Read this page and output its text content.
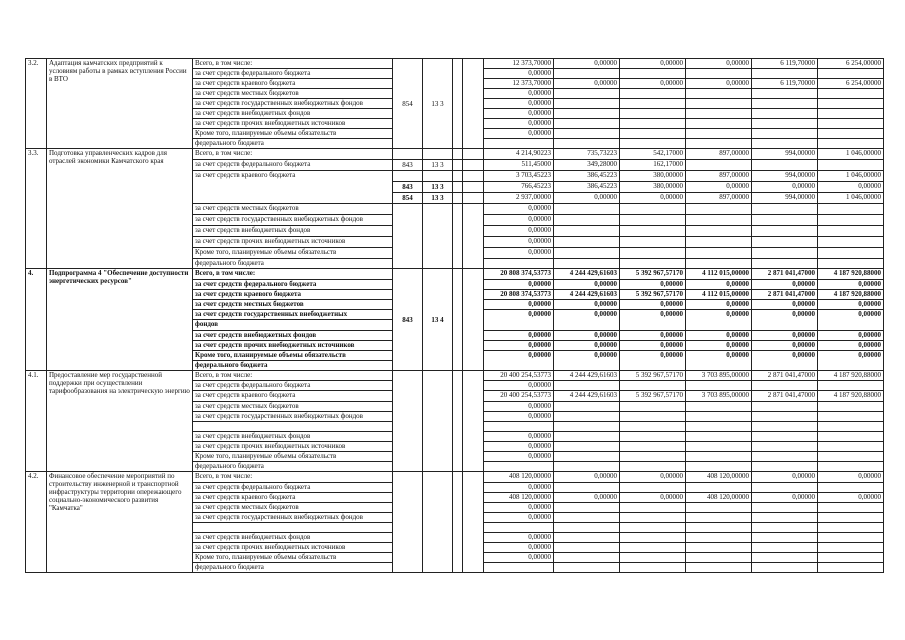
3.2.	Адаптация камчатских предприятий к условиям работы в рамках вступления России в ВТО	Всего, в том числе:	854	13 3			12 373,70000	0,00000	0,00000	0,00000	6 119,70000	6 254,00000
		за счет средств федерального бюджета					0,00000					
		за счет средств краевого бюджета					12 373,70000	0,00000	0,00000	0,00000	6 119,70000	6 254,00000
		за счет средств местных бюджетов					0,00000					
		за счет средств государственных внебюджетных фондов					0,00000					
		за счет средств внебюджетных фондов					0,00000					
		за счет средств прочих внебюджетных источников					0,00000					
		Кроме того, планируемые объемы обязательств					0,00000					
		федерального бюджета										
3.3.	Подготовка управленческих кадров для отраслей экономики Камчатского края	Всего, в том числе:					4 214,90223	735,73223	542,17000	897,00000	994,00000	1 046,00000
		за счет средств федерального бюджета	843	13 3			511,45000	349,28000	162,17000			
		за счет средств краевого бюджета					3 703,45223	386,45223	380,00000	897,00000	994,00000	1 046,00000
			843	13 3			766,45223	386,45223	380,00000	0,00000	0,00000	0,00000
			854	13 3			2 937,00000	0,00000	0,00000	897,00000	994,00000	1 046,00000
		за счет средств местных бюджетов					0,00000					
		за счет средств государственных внебюджетных фондов					0,00000					
		за счет средств внебюджетных фондов					0,00000					
		за счет средств прочих внебюджетных источников					0,00000					
		Кроме того, планируемые объемы обязательств					0,00000					
		федерального бюджета										
4.	Подпрограмма 4 "Обеспечение доступности энергетических ресурсов"	Всего, в том числе:	843	13 4			20 808 374,53773	4 244 429,61603	5 392 967,57170	4 112 015,00000	2 871 041,47000	4 187 920,88000
		за счет средств федерального бюджета					0,00000	0,00000	0,00000	0,00000	0,00000	0,00000
		за счет средств краевого бюджета					20 808 374,53773	4 244 429,61603	5 392 967,57170	4 112 015,00000	2 871 041,47000	4 187 920,88000
		за счет средств местных бюджетов					0,00000	0,00000	0,00000	0,00000	0,00000	0,00000
		за счет средств государственных внебюджетных					0,00000	0,00000	0,00000	0,00000	0,00000	0,00000
		фондов										
		за счет средств внебюджетных фондов					0,00000	0,00000	0,00000	0,00000	0,00000	0,00000
		за счет средств прочих внебюджетных источников					0,00000	0,00000	0,00000	0,00000	0,00000	0,00000
		Кроме того, планируемые объемы обязательств					0,00000	0,00000	0,00000	0,00000	0,00000	0,00000
		федерального бюджета										
4.1.	Предоставление мер государственной поддержки при осуществлении тарифообразования на электрическую энергию	Всего, в том числе:					20 400 254,53773	4 244 429,61603	5 392 967,57170	3 703 895,00000	2 871 041,47000	4 187 920,88000
		за счет средств федерального бюджета					0,00000					
		за счет средств краевого бюджета					20 400 254,53773	4 244 429,61603	5 392 967,57170	3 703 895,00000	2 871 041,47000	4 187 920,88000
		за счет средств местных бюджетов					0,00000					
		за счет средств государственных внебюджетных фондов					0,00000					

		за счет средств внебюджетных фондов					0,00000					
		за счет средств прочих внебюджетных источников					0,00000					
		Кроме того, планируемые объемы обязательств					0,00000					
		федерального бюджета										
4.2.	Финансовое обеспечение мероприятий по строительству инженерной и транспортной инфраструктуры территории опережающего социально-экономического развития "Камчатка"	Всего, в том числе:					408 120,00000	0,00000	0,00000	408 120,00000	0,00000	0,00000
		за счет средств федерального бюджета					0,00000					
		за счет средств краевого бюджета					408 120,00000	0,00000	0,00000	408 120,00000	0,00000	0,00000
		за счет средств местных бюджетов					0,00000					
		за счет средств государственных внебюджетных фондов					0,00000					

		за счет средств внебюджетных фондов					0,00000					
		за счет средств прочих внебюджетных источников					0,00000					
		Кроме того, планируемые объемы обязательств					0,00000					
		федерального бюджета										
